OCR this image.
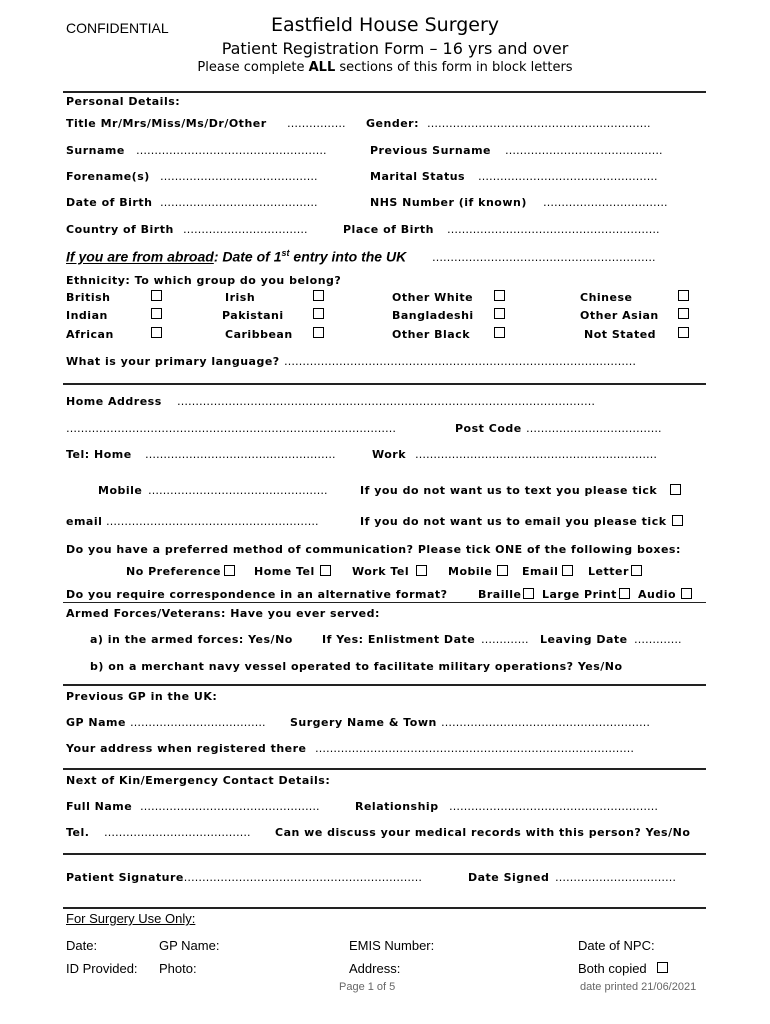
CONFIDENTIAL	Eastfield House Surgery
Patient Registration Form – 16 yrs and over
Please complete ALL sections of this form in block letters
Personal Details:
Title Mr/Mrs/Miss/Ms/Dr/Other ……………. Gender: …………………………………………………….
Surname …………………………………………….	Previous Surname …………………………………….
Forename(s) …………………………………….	Marital Status ………………………………………….
Date of Birth …………………………………….	NHS Number (if known) …………………………….
Country of Birth …………………………….	Place of Birth ………………………………………………….
If you are from abroad: Date of 1st entry into the UK …………………………………………………….
Ethnicity: To which group do you belong?
British	Irish	Other White	Chinese
Indian	Pakistani	Bangladeshi	Other Asian
African	Caribbean	Other Black	Not Stated
What is your primary language? ……………………………………………………………………………………
Home Address ……………………………………………………………………………………………………
………………………………………………………………………………	Post Code ……………………………….
Tel: Home …………………………………………….	Work …………………………………………………………
Mobile ………………………………………….	If you do not want us to text you please tick
email ………………………………………………….	If you do not want us to email you please tick
Do you have a preferred method of communication? Please tick ONE of the following boxes:
No Preference	Home Tel	Work Tel	Mobile	Email	Letter
Do you require correspondence in an alternative format?	Braille Large Print Audio
Armed Forces/Veterans: Have you ever served:
a) in the armed forces: Yes/No	If Yes: Enlistment Date …………. Leaving Date ………….
b) on a merchant navy vessel operated to facilitate military operations? Yes/No
Previous GP in the UK:
GP Name ………………………………. Surgery Name & Town …………………………………………………
Your address when registered there ……………………………………………………………………………
Next of Kin/Emergency Contact Details:
Full Name ………………………………………….	Relationship …………………………………………………
Tel. …………………………………. Can we discuss your medical records with this person? Yes/No
Patient Signature
…………………………………………………………	Date Signed ……………………………
For Surgery Use Only:
Date:	GP Name:	EMIS Number:	Date of NPC:
ID Provided: Photo:	Address:	Both copied
Page 1 of 5	date printed 21/06/2021
